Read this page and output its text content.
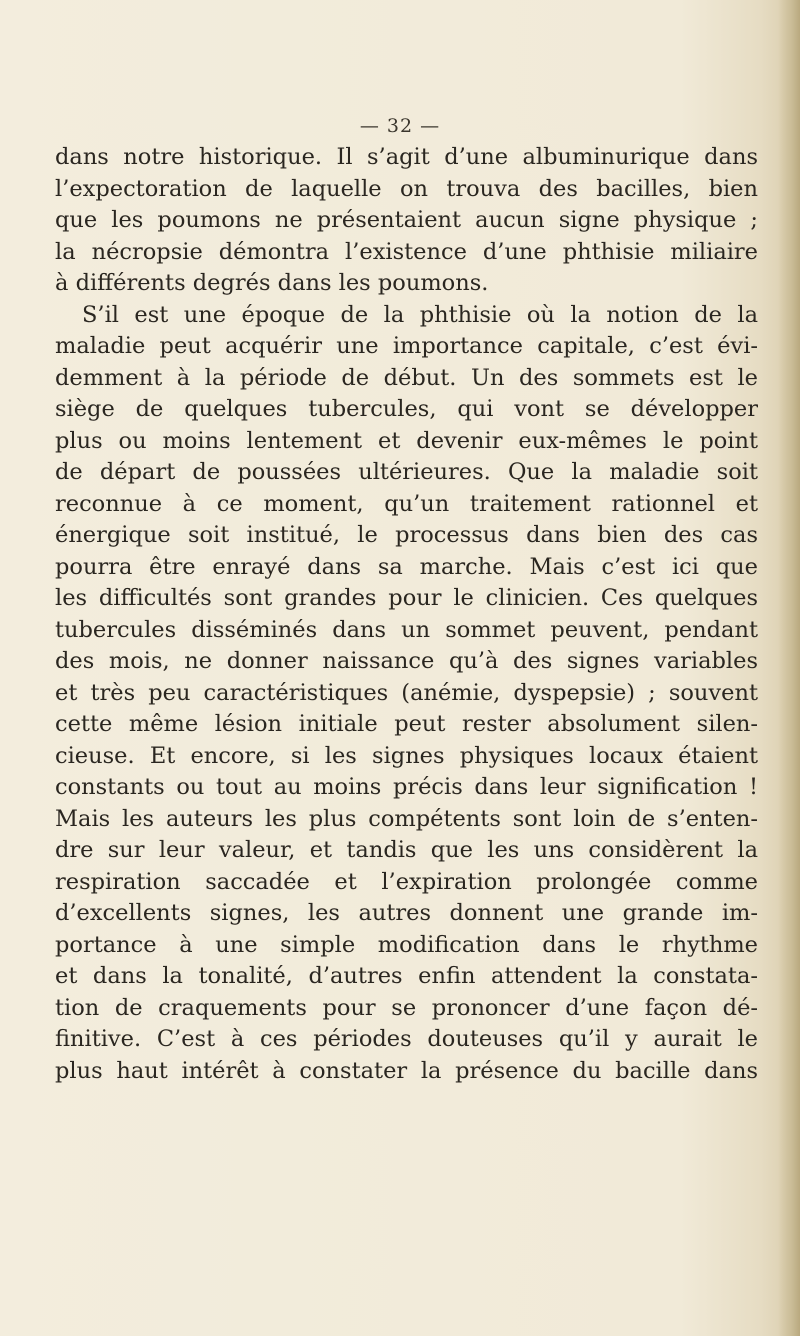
— 32 —
dans notre historique. Il s’agit d’une albuminurique dans
l’expectoration de laquelle on trouva des bacilles, bien
que les poumons ne présentaient aucun signe physique ;
la nécropsie démontra l’existence d’une phthisie miliaire
à différents degrés dans les poumons.
S’il est une époque de la phthisie où la notion de la
maladie peut acquérir une importance capitale, c’est évi-
demment à la période de début. Un des sommets est le
siège de quelques tubercules, qui vont se développer
plus ou moins lentement et devenir eux-mêmes le point
de départ de poussées ultérieures. Que la maladie soit
reconnue à ce moment, qu’un traitement rationnel et
énergique soit institué, le processus dans bien des cas
pourra être enrayé dans sa marche. Mais c’est ici que
les difficultés sont grandes pour le clinicien. Ces quelques
tubercules disséminés dans un sommet peuvent, pendant
des mois, ne donner naissance qu’à des signes variables
et très peu caractéristiques (anémie, dyspepsie) ; souvent
cette même lésion initiale peut rester absolument silen-
cieuse. Et encore, si les signes physiques locaux étaient
constants ou tout au moins précis dans leur signification !
Mais les auteurs les plus compétents sont loin de s’enten-
dre sur leur valeur, et tandis que les uns considèrent la
respiration saccadée et l’expiration prolongée comme
d’excellents signes, les autres donnent une grande im-
portance à une simple modification dans le rhythme
et dans la tonalité, d’autres enfin attendent la constata-
tion de craquements pour se prononcer d’une façon dé-
finitive. C’est à ces périodes douteuses qu’il y aurait le
plus haut intérêt à constater la présence du bacille dans
